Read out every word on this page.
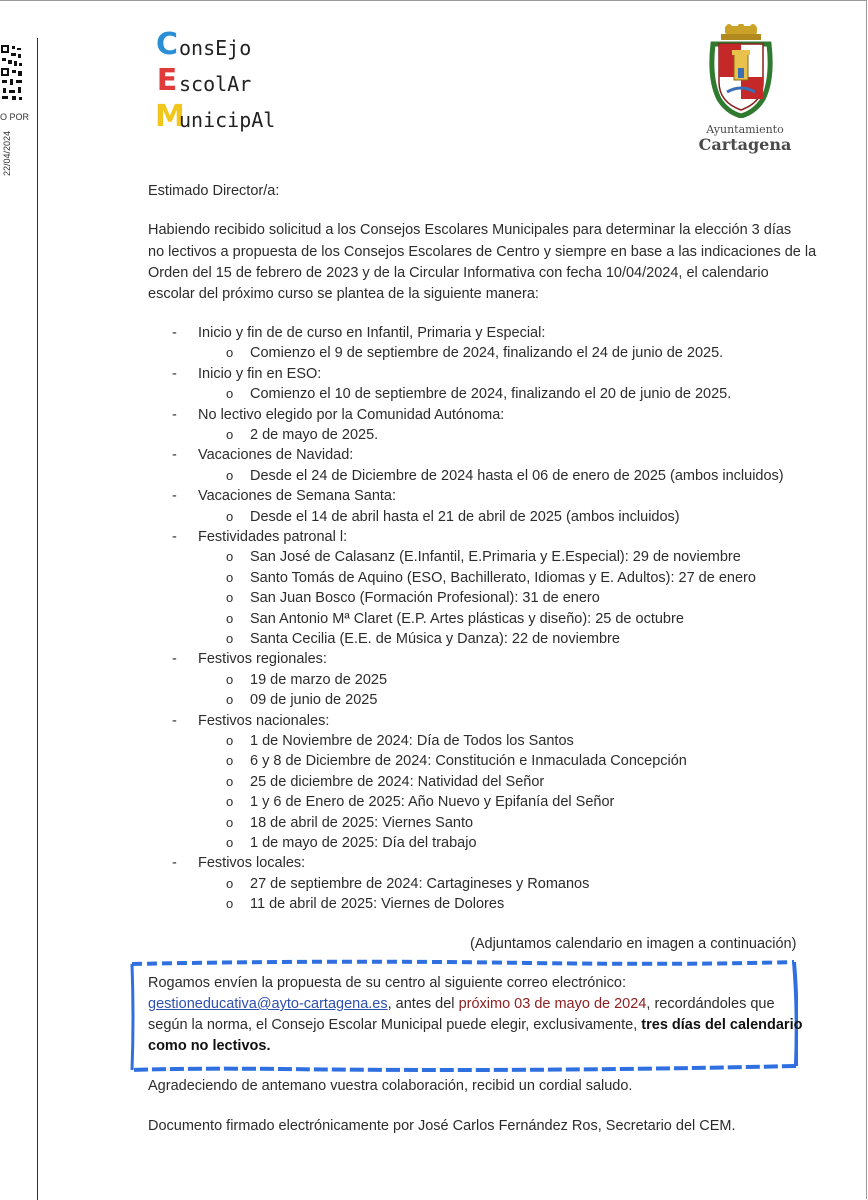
O POR
22/04/2024
ConsEjo
EscolAr
MunicipAl	Ayuntamiento
Cartagena
Estimado Director/a:
Habiendo recibido solicitud a los Consejos Escolares Municipales para determinar la elección 3 días
no lectivos a propuesta de los Consejos Escolares de Centro y siempre en base a las indicaciones de la
Orden del 15 de febrero de 2023 y de la Circular Informativa con fecha 10/04/2024, el calendario
escolar del próximo curso se plantea de la siguiente manera:
- Inicio y fin de de curso en Infantil, Primaria y Especial:
o Comienzo el 9 de septiembre de 2024, finalizando el 24 de junio de 2025.
- Inicio y fin en ESO:
o Comienzo el 10 de septiembre de 2024, finalizando el 20 de junio de 2025.
- No lectivo elegido por la Comunidad Autónoma:
o 2 de mayo de 2025.
- Vacaciones de Navidad:
o Desde el 24 de Diciembre de 2024 hasta el 06 de enero de 2025 (ambos incluidos)
- Vacaciones de Semana Santa:
o Desde el 14 de abril hasta el 21 de abril de 2025 (ambos incluidos)
- Festividades patronal l:
o San José de Calasanz (E.Infantil, E.Primaria y E.Especial): 29 de noviembre
o Santo Tomás de Aquino (ESO, Bachillerato, Idiomas y E. Adultos): 27 de enero
o San Juan Bosco (Formación Profesional): 31 de enero
o San Antonio Mª Claret (E.P. Artes plásticas y diseño): 25 de octubre
o Santa Cecilia (E.E. de Música y Danza): 22 de noviembre
- Festivos regionales:
o 19 de marzo de 2025
o 09 de junio de 2025
- Festivos nacionales:
o 1 de Noviembre de 2024: Día de Todos los Santos
o 6 y 8 de Diciembre de 2024: Constitución e Inmaculada Concepción
o 25 de diciembre de 2024: Natividad del Señor
o 1 y 6 de Enero de 2025: Año Nuevo y Epifanía del Señor
o 18 de abril de 2025: Viernes Santo
o 1 de mayo de 2025: Día del trabajo
- Festivos locales:
o 27 de septiembre de 2024: Cartagineses y Romanos
o 11 de abril de 2025: Viernes de Dolores
(Adjuntamos calendario en imagen a continuación)
Rogamos envíen la propuesta de su centro al siguiente correo electrónico:
gestioneducativa@ayto-cartagena.es, antes del próximo 03 de mayo de 2024, recordándoles que
según la norma, el Consejo Escolar Municipal puede elegir, exclusivamente, tres días del calendario
como no lectivos.
Agradeciendo de antemano vuestra colaboración, recibid un cordial saludo.
Documento firmado electrónicamente por José Carlos Fernández Ros, Secretario del CEM.
